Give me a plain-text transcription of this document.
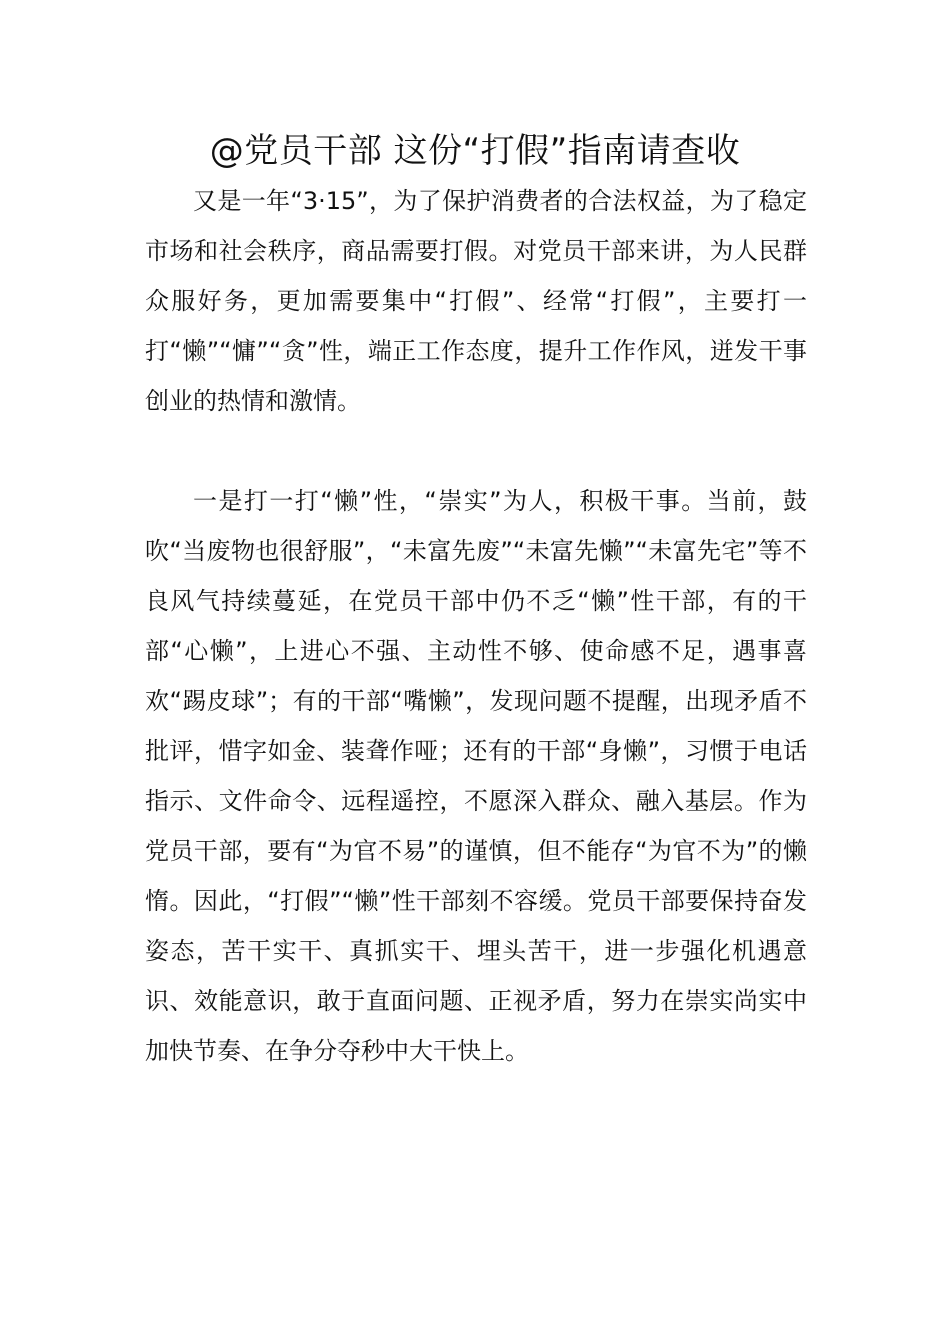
@党员干部 这份“打假”指南请查收

又是一年“3·15”，为了保护消费者的合法权益，为了稳定市场和社会秩序，商品需要打假。对党员干部来讲，为人民群众服好务，更加需要集中“打假”、经常“打假”，主要打一打“懒”“慵”“贪”性，端正工作态度，提升工作作风，迸发干事创业的热情和激情。

一是打一打“懒”性，“崇实”为人，积极干事。当前，鼓吹“当废物也很舒服”，“未富先废”“未富先懒”“未富先宅”等不良风气持续蔓延，在党员干部中仍不乏“懒”性干部，有的干部“心懒”，上进心不强、主动性不够、使命感不足，遇事喜欢“踢皮球”；有的干部“嘴懒”，发现问题不提醒，出现矛盾不批评，惜字如金、装聋作哑；还有的干部“身懒”，习惯于电话指示、文件命令、远程遥控，不愿深入群众、融入基层。作为党员干部，要有“为官不易”的谨慎，但不能存“为官不为”的懒惰。因此，“打假”“懒”性干部刻不容缓。党员干部要保持奋发姿态，苦干实干、真抓实干、埋头苦干，进一步强化机遇意识、效能意识，敢于直面问题、正视矛盾，努力在崇实尚实中加快节奏、在争分夺秒中大干快上。
